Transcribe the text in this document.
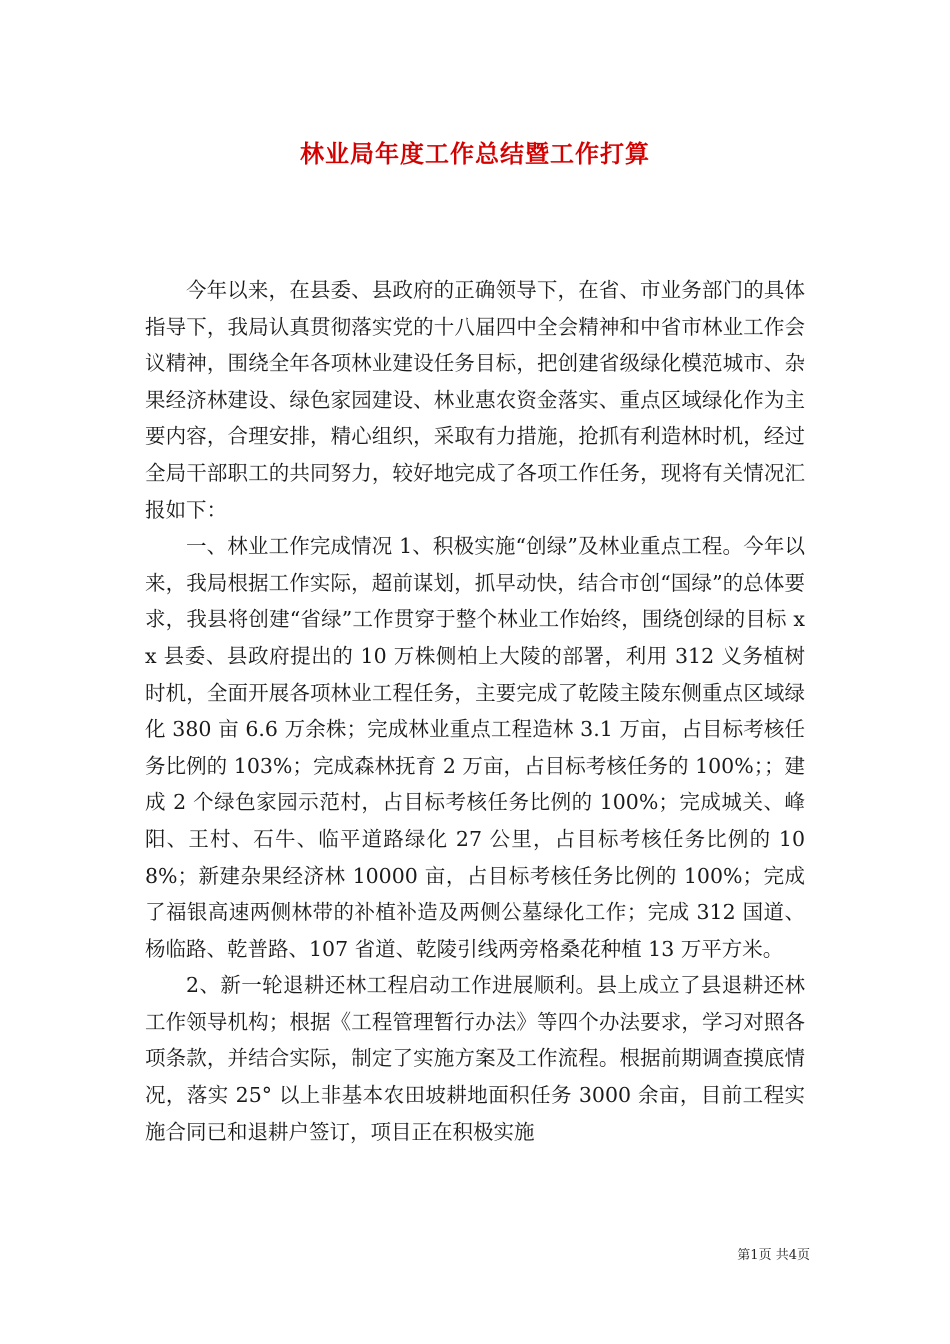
林业局年度工作总结暨工作打算

今年以来，在县委、县政府的正确领导下，在省、市业务部门的具体指导下，我局认真贯彻落实党的十八届四中全会精神和中省市林业工作会议精神，围绕全年各项林业建设任务目标，把创建省级绿化模范城市、杂果经济林建设、绿色家园建设、林业惠农资金落实、重点区域绿化作为主要内容，合理安排，精心组织，采取有力措施，抢抓有利造林时机，经过全局干部职工的共同努力，较好地完成了各项工作任务，现将有关情况汇报如下：

一、林业工作完成情况 1、积极实施“创绿”及林业重点工程。今年以来，我局根据工作实际，超前谋划，抓早动快，结合市创“国绿”的总体要求，我县将创建“省绿”工作贯穿于整个林业工作始终，围绕创绿的目标 xx 县委、县政府提出的 10 万株侧柏上大陵的部署，利用 312 义务植树时机，全面开展各项林业工程任务，主要完成了乾陵主陵东侧重点区域绿化 380 亩 6.6 万余株；完成林业重点工程造林 3.1 万亩，占目标考核任务比例的 103%；完成森林抚育 2 万亩，占目标考核任务的 100%；；建成 2 个绿色家园示范村，占目标考核任务比例的 100%；完成城关、峰阳、王村、石牛、临平道路绿化 27 公里，占目标考核任务比例的 108%；新建杂果经济林 10000 亩，占目标考核任务比例的 100%；完成了福银高速两侧林带的补植补造及两侧公墓绿化工作；完成 312 国道、杨临路、乾普路、107 省道、乾陵引线两旁格桑花种植 13 万平方米。

2、新一轮退耕还林工程启动工作进展顺利。县上成立了县退耕还林工作领导机构；根据《工程管理暂行办法》等四个办法要求，学习对照各项条款，并结合实际，制定了实施方案及工作流程。根据前期调查摸底情况，落实 25° 以上非基本农田坡耕地面积任务 3000 余亩，目前工程实施合同已和退耕户签订，项目正在积极实施

第1页 共4页
